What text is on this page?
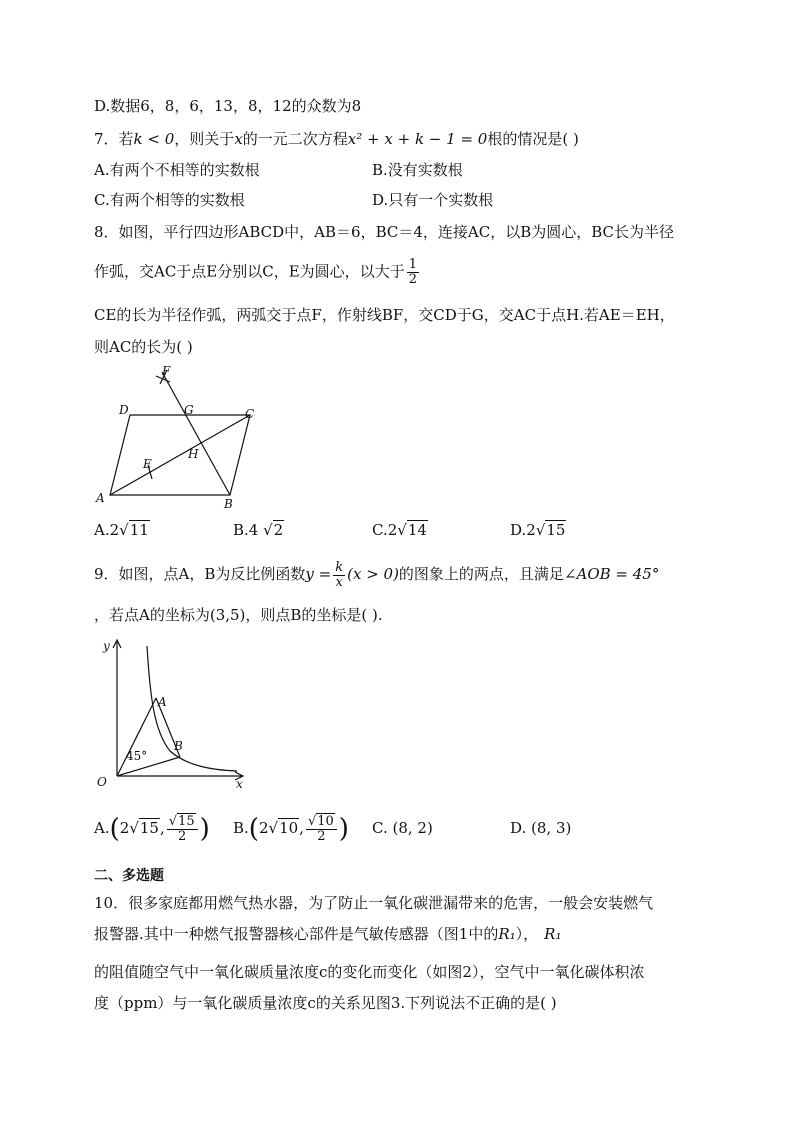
D.数据6，8，6，13，8，12的众数为8
7．若k < 0，则关于x的一元二次方程x² + x + k − 1 = 0根的情况是( )
A.有两个不相等的实数根	B.没有实数根
C.有两个相等的实数根	D.只有一个实数根
8．如图，平行四边形ABCD中，AB＝6，BC＝4，连接AC，以B为圆心，BC长为半径
作弧，交AC于点E分别以C，E为圆心，以大于 $\frac{1}{2}$
CE的长为半径作弧，两弧交于点F，作射线BF，交CD于G，交AC于点H.若AE＝EH，
则AC的长为( )
F
D	G	C
H
E
A	B
A.2√11	B.4 √2	C.2√14	D.2√15
9．如图，点A，B为反比例函数$y = \frac{k}{x} (x > 0)$的图象上的两点，且满足∠AOB = 45°
，若点A的坐标为(3,5)，则点B的坐标是( ).
y
x
O
A
B
45°
A.(2√15, $\frac{√15}{2}$ ) B.(2√10, $\frac{√10}{2}$ ) C. (8, 2)	D. (8, 3)
二、多选题
10．很多家庭都用燃气热水器，为了防止一氧化碳泄漏带来的危害，一般会安装燃气
报警器.其中一种燃气报警器核心部件是气敏传感器（图1中的R₁）， R₁
的阻值随空气中一氧化碳质量浓度c的变化而变化（如图2），空气中一氧化碳体积浓
度（ppm）与一氧化碳质量浓度c的关系见图3.下列说法不正确的是( )
